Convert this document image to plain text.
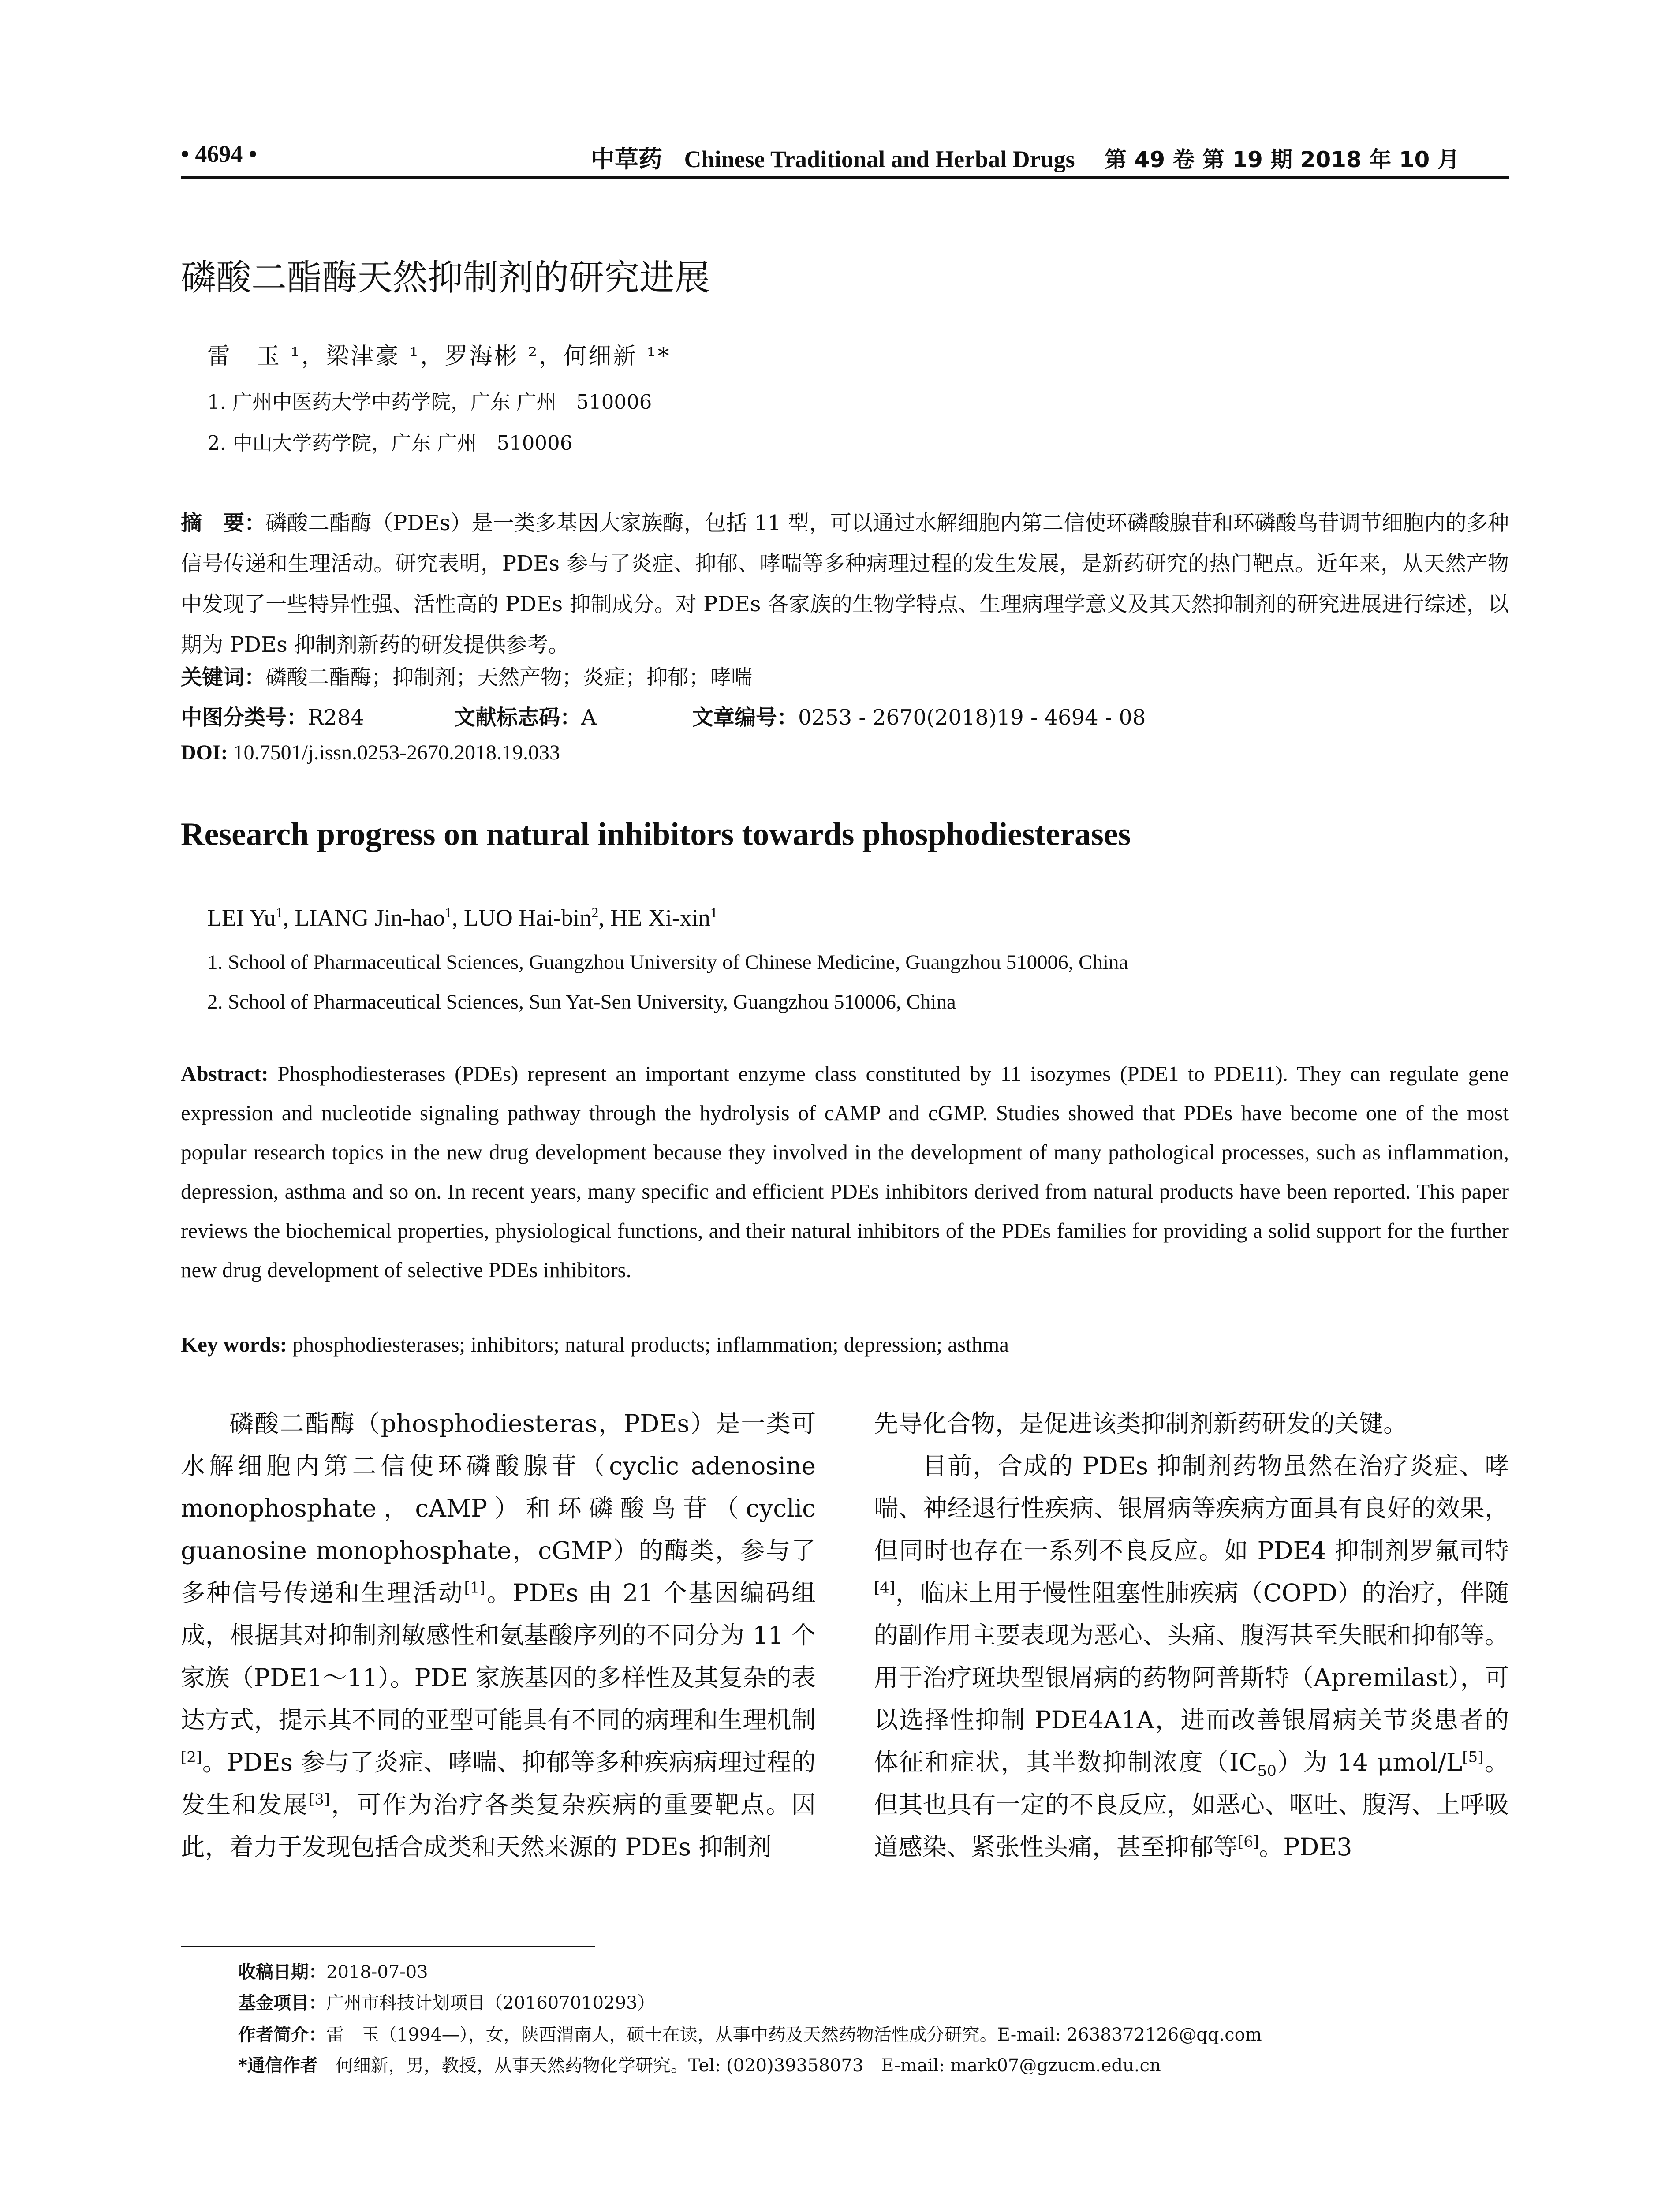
• 4694 •	中草药 Chinese Traditional and Herbal Drugs 第 49 卷 第 19 期 2018 年 10 月
磷酸二酯酶天然抑制剂的研究进展
雷　玉 ¹，梁津豪 ¹，罗海彬 ²，何细新 ¹*
1. 广州中医药大学中药学院，广东 广州　510006
2. 中山大学药学院，广东 广州　510006
摘　要：磷酸二酯酶（PDEs）是一类多基因大家族酶，包括 11 型，可以通过水解细胞内第二信使环磷酸腺苷和环磷酸鸟苷调节细胞内的多种信号传递和生理活动。研究表明，PDEs 参与了炎症、抑郁、哮喘等多种病理过程的发生发展，是新药研究的热门靶点。近年来，从天然产物中发现了一些特异性强、活性高的 PDEs 抑制成分。对 PDEs 各家族的生物学特点、生理病理学意义及其天然抑制剂的研究进展进行综述，以期为 PDEs 抑制剂新药的研发提供参考。
关键词：磷酸二酯酶；抑制剂；天然产物；炎症；抑郁；哮喘
中图分类号：R284	文献标志码：A	文章编号：0253 - 2670(2018)19 - 4694 - 08
DOI: 10.7501/j.issn.0253-2670.2018.19.033
Research progress on natural inhibitors towards phosphodiesterases
LEI Yu$^1$, LIANG Jin-hao$^1$, LUO Hai-bin$^2$, HE Xi-xin$^1$
1. School of Pharmaceutical Sciences, Guangzhou University of Chinese Medicine, Guangzhou 510006, China
2. School of Pharmaceutical Sciences, Sun Yat-Sen University, Guangzhou 510006, China
Abstract: Phosphodiesterases (PDEs) represent an important enzyme class constituted by 11 isozymes (PDE1 to PDE11). They can regulate gene expression and nucleotide signaling pathway through the hydrolysis of cAMP and cGMP. Studies showed that PDEs have become one of the most popular research topics in the new drug development because they involved in the development of many pathological processes, such as inflammation, depression, asthma and so on. In recent years, many specific and efficient PDEs inhibitors derived from natural products have been reported. This paper reviews the biochemical properties, physiological functions, and their natural inhibitors of the PDEs families for providing a solid support for the further new drug development of selective PDEs inhibitors.
Key words: phosphodiesterases; inhibitors; natural products; inflammation; depression; asthma

磷酸二酯酶（phosphodiesteras，PDEs）是一类可水解细胞内第二信使环磷酸腺苷（cyclic adenosine monophosphate，cAMP）和环磷酸鸟苷（cyclic guanosine monophosphate，cGMP）的酶类，参与了多种信号传递和生理活动[1]。PDEs 由 21 个基因编码组成，根据其对抑制剂敏感性和氨基酸序列的不同分为 11 个家族（PDE1～11）。PDE 家族基因的多样性及其复杂的表达方式，提示其不同的亚型可能具有不同的病理和生理机制[2]。PDEs 参与了炎症、哮喘、抑郁等多种疾病病理过程的发生和发展[3]，可作为治疗各类复杂疾病的重要靶点。因此，着力于发现包括合成类和天然来源的 PDEs 抑制剂

先导化合物，是促进该类抑制剂新药研发的关键。

目前，合成的 PDEs 抑制剂药物虽然在治疗炎症、哮喘、神经退行性疾病、银屑病等疾病方面具有良好的效果，但同时也存在一系列不良反应。如 PDE4 抑制剂罗氟司特[4]，临床上用于慢性阻塞性肺疾病（COPD）的治疗，伴随的副作用主要表现为恶心、头痛、腹泻甚至失眠和抑郁等。用于治疗斑块型银屑病的药物阿普斯特（Apremilast），可以选择性抑制 PDE4A1A，进而改善银屑病关节炎患者的体征和症状，其半数抑制浓度$(IC_{50})$为 14 μmol/L[5]。但其也具有一定的不良反应，如恶心、呕吐、腹泻、上呼吸道感染、紧张性头痛，甚至抑郁等[6]。PDE3

收稿日期：2018-07-03
基金项目：广州市科技计划项目（201607010293）
作者简介：雷　玉（1994—），女，陕西渭南人，硕士在读，从事中药及天然药物活性成分研究。E-mail: 2638372126@qq.com
*通信作者　何细新，男，教授，从事天然药物化学研究。Tel: (020)39358073　E-mail: mark07@gzucm.edu.cn
